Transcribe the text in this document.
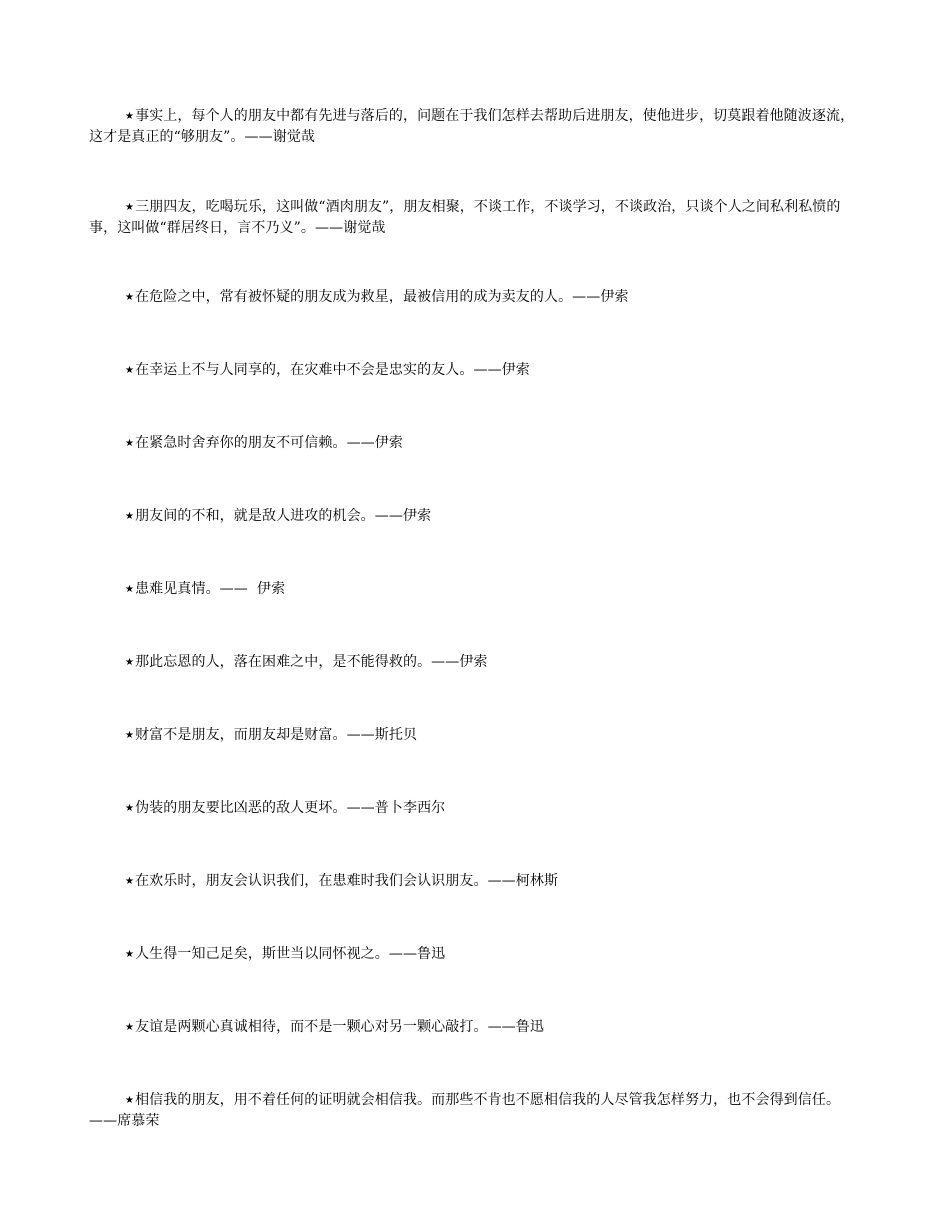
★事实上，每个人的朋友中都有先进与落后的，问题在于我们怎样去帮助后进朋友，使他进步，切莫跟着他随波逐流，这才是真正的“够朋友”。——谢觉哉

★三朋四友，吃喝玩乐，这叫做“酒肉朋友”，朋友相聚，不谈工作，不谈学习，不谈政治，只谈个人之间私利私愤的事，这叫做“群居终日，言不乃义”。——谢觉哉

★在危险之中，常有被怀疑的朋友成为救星，最被信用的成为卖友的人。——伊索

★在幸运上不与人同享的，在灾难中不会是忠实的友人。——伊索

★在紧急时舍弃你的朋友不可信赖。——伊索

★朋友间的不和，就是敌人进攻的机会。——伊索

★患难见真情。——  伊索

★那此忘恩的人，落在困难之中，是不能得救的。——伊索

★财富不是朋友，而朋友却是财富。——斯托贝

★伪装的朋友要比凶恶的敌人更坏。——普卜李西尔

★在欢乐时，朋友会认识我们，在患难时我们会认识朋友。——柯林斯

★人生得一知己足矣，斯世当以同怀视之。——鲁迅

★友谊是两颗心真诚相待，而不是一颗心对另一颗心敲打。——鲁迅

★相信我的朋友，用不着任何的证明就会相信我。而那些不肯也不愿相信我的人尽管我怎样努力，也不会得到信任。——席慕荣
